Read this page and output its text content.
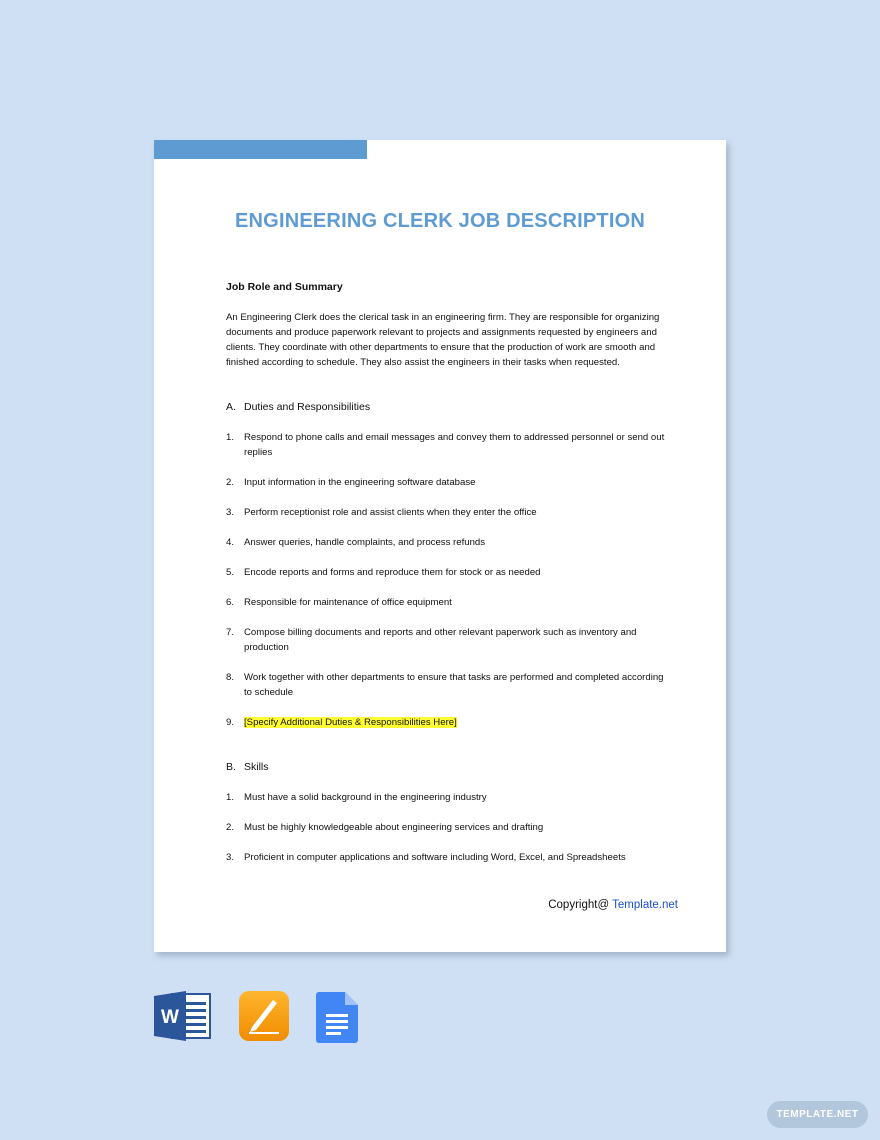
ENGINEERING CLERK JOB DESCRIPTION

Job Role and Summary

An Engineering Clerk does the clerical task in an engineering firm. They are responsible for organizing documents and produce paperwork relevant to projects and assignments requested by engineers and clients. They coordinate with other departments to ensure that the production of work are smooth and finished according to schedule. They also assist the engineers in their tasks when requested.

A. Duties and Responsibilities
1.	Respond to phone calls and email messages and convey them to addressed personnel or send out replies
2.	Input information in the engineering software database
3.	Perform receptionist role and assist clients when they enter the office
4.	Answer queries, handle complaints, and process refunds
5.	Encode reports and forms and reproduce them for stock or as needed
6.	Responsible for maintenance of office equipment
7.	Compose billing documents and reports and other relevant paperwork such as inventory and production
8.	Work together with other departments to ensure that tasks are performed and completed according to schedule
9.	[Specify Additional Duties & Responsibilities Here]
B. Skills
1.	Must have a solid background in the engineering industry
2.	Must be highly knowledgeable about engineering services and drafting
3.	Proficient in computer applications and software including Word, Excel, and Spreadsheets
Copyright@ Template.net
W
TEMPLATE.NET
